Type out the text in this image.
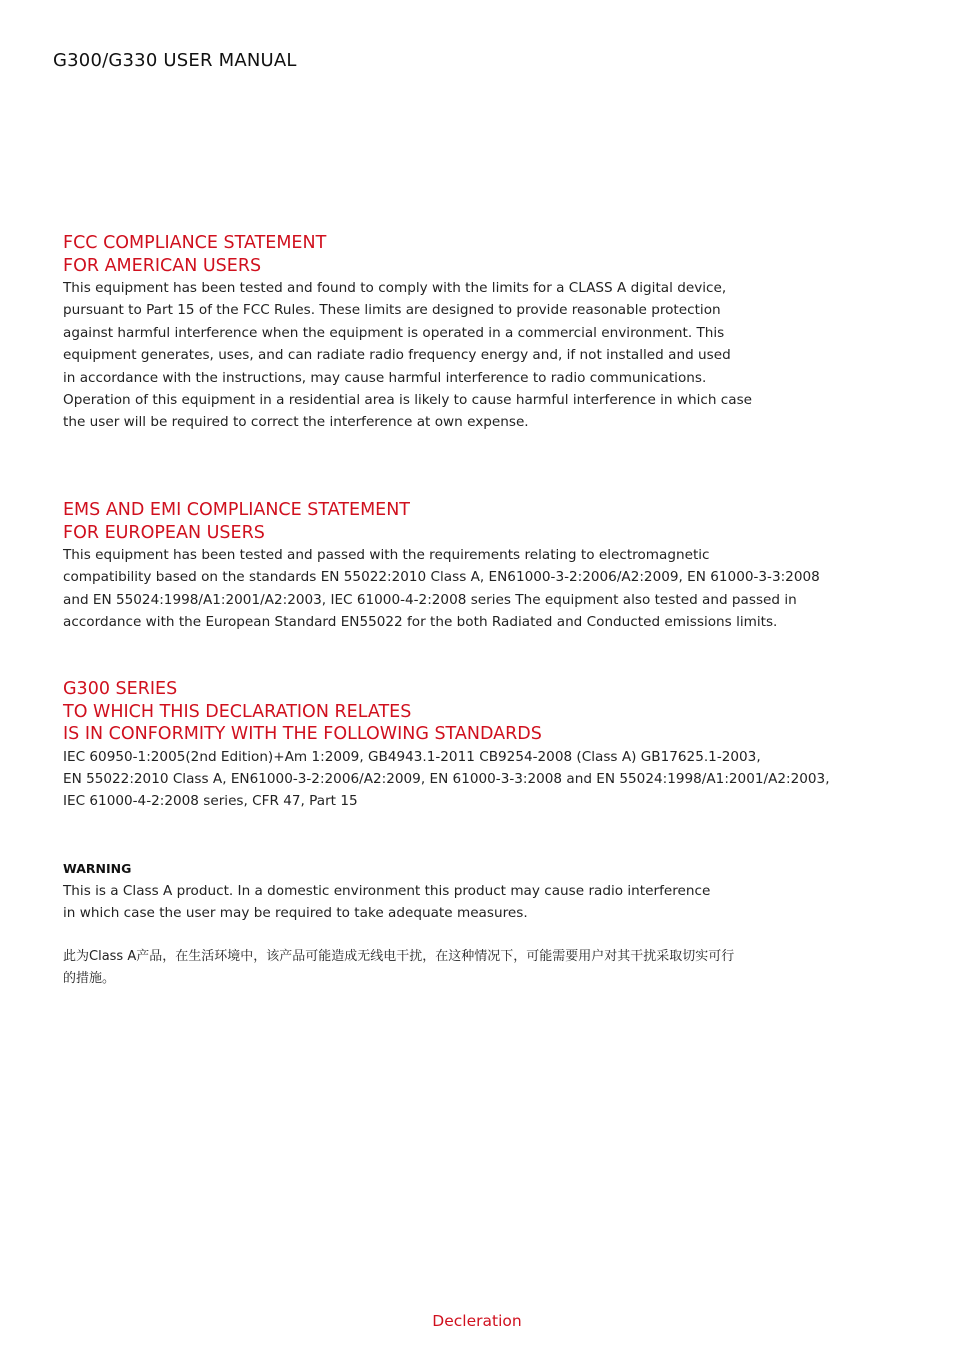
G300/G330 USER MANUAL
FCC COMPLIANCE STATEMENT
FOR AMERICAN USERS
This equipment has been tested and found to comply with the limits for a CLASS A digital device,
pursuant to Part 15 of the FCC Rules. These limits are designed to provide reasonable protection
against harmful interference when the equipment is operated in a commercial environment. This
equipment generates, uses, and can radiate radio frequency energy and, if not installed and used
in accordance with the instructions, may cause harmful interference to radio communications.
Operation of this equipment in a residential area is likely to cause harmful interference in which case
the user will be required to correct the interference at own expense.
EMS AND EMI COMPLIANCE STATEMENT
FOR EUROPEAN USERS
This equipment has been tested and passed with the requirements relating to electromagnetic
compatibility based on the standards EN 55022:2010 Class A, EN61000-3-2:2006/A2:2009, EN 61000-3-3:2008
and EN 55024:1998/A1:2001/A2:2003, IEC 61000-4-2:2008 series The equipment also tested and passed in
accordance with the European Standard EN55022 for the both Radiated and Conducted emissions limits.
G300 SERIES
TO WHICH THIS DECLARATION RELATES
IS IN CONFORMITY WITH THE FOLLOWING STANDARDS
IEC 60950-1:2005(2nd Edition)+Am 1:2009, GB4943.1-2011 CB9254-2008 (Class A) GB17625.1-2003,
EN 55022:2010 Class A, EN61000-3-2:2006/A2:2009, EN 61000-3-3:2008 and EN 55024:1998/A1:2001/A2:2003,
IEC 61000-4-2:2008 series, CFR 47, Part 15
WARNING
This is a Class A product. In a domestic environment this product may cause radio interference
in which case the user may be required to take adequate measures.
此为Class A产品，在生活环境中，该产品可能造成无线电干扰，在这种情况下，可能需要用户对其干扰采取切实可行
的措施。
Decleration
